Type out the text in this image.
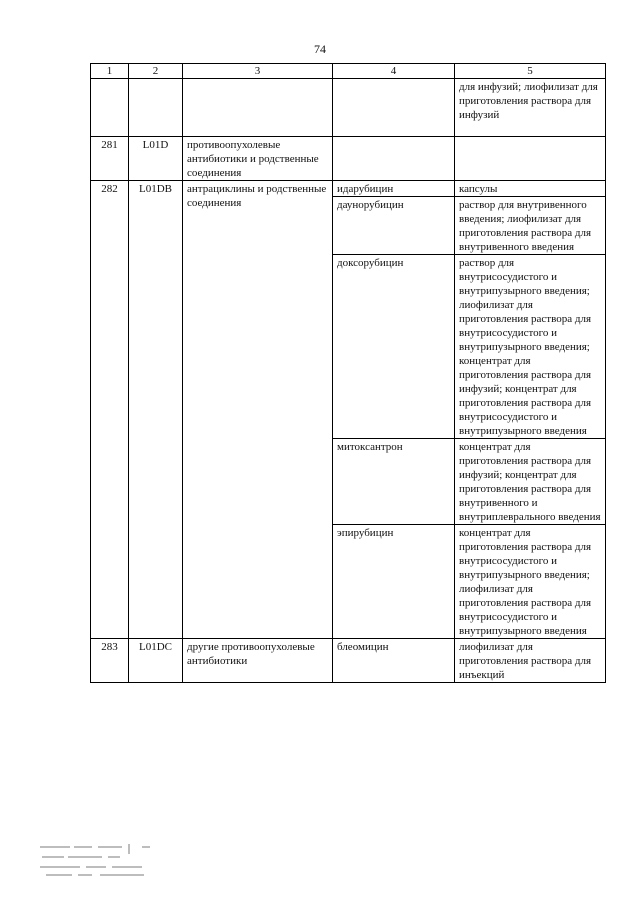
74
1	2	3	4	5
				для инфузий; лиофилизат для приготовления раствора для инфузий
281	L01D	противоопухолевые антибиотики и родственные соединения		
282	L01DB	антрациклины и родственные соединения	идарубицин	капсулы
			даунорубицин	раствор для внутривенного введения; лиофилизат для приготовления раствора для внутривенного введения
			доксорубицин	раствор для внутрисосудистого и внутрипузырного введения; лиофилизат для приготовления раствора для внутрисосудистого и внутрипузырного введения; концентрат для приготовления раствора для инфузий; концентрат для приготовления раствора для внутрисосудистого и внутрипузырного введения
			митоксантрон	концентрат для приготовления раствора для инфузий; концентрат для приготовления раствора для внутривенного и внутриплеврального введения
			эпирубицин	концентрат для приготовления раствора для внутрисосудистого и внутрипузырного введения; лиофилизат для приготовления раствора для внутрисосудистого и внутрипузырного введения
283	L01DC	другие противоопухолевые антибиотики	блеомицин	лиофилизат для приготовления раствора для инъекций
